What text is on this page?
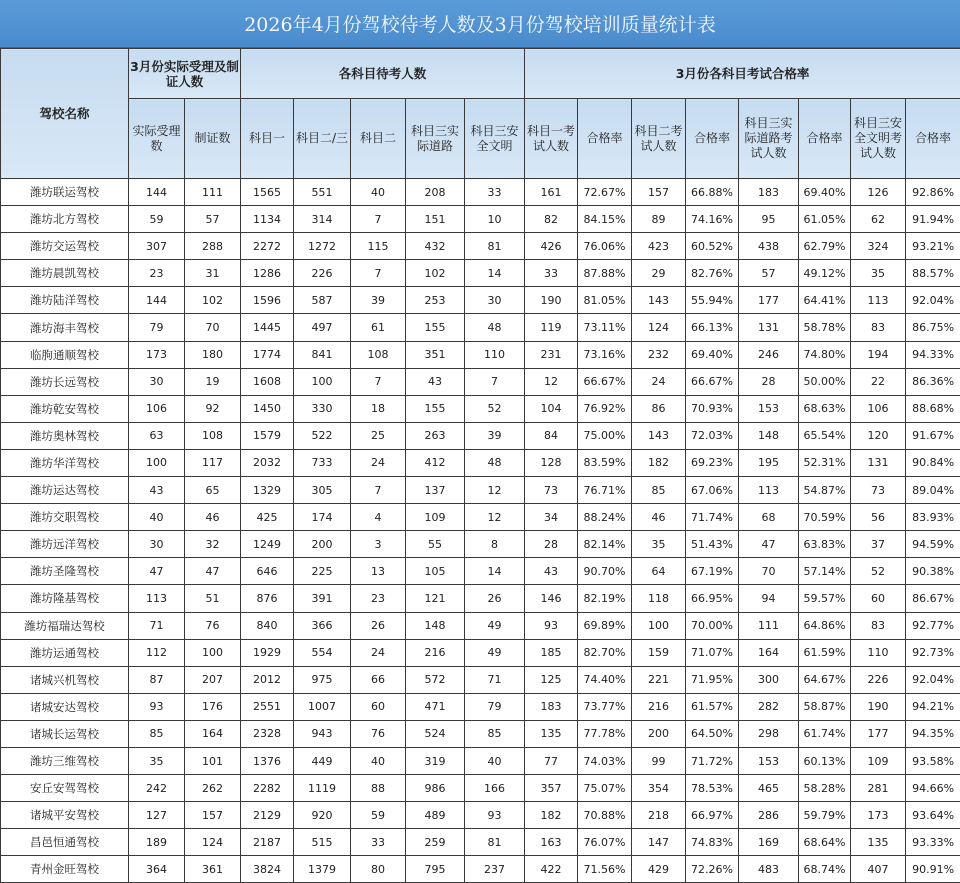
2026年4月份驾校待考人数及3月份驾校培训质量统计表
驾校名称	3月份实际受理及制证人数		各科目待考人数					3月份各科目考试合格率							
	实际受理数	制证数	科目一	科目二/三	科目二	科目三实际道路	科目三安全文明	科目一考试人数	合格率	科目二考试人数	合格率	科目三实际道路考试人数	合格率	科目三安全文明考试人数	合格率
潍坊联运驾校	144	111	1565	551	40	208	33	161	72.67%	157	66.88%	183	69.40%	126	92.86%
潍坊北方驾校	59	57	1134	314	7	151	10	82	84.15%	89	74.16%	95	61.05%	62	91.94%
潍坊交运驾校	307	288	2272	1272	115	432	81	426	76.06%	423	60.52%	438	62.79%	324	93.21%
潍坊晨凯驾校	23	31	1286	226	7	102	14	33	87.88%	29	82.76%	57	49.12%	35	88.57%
潍坊陆洋驾校	144	102	1596	587	39	253	30	190	81.05%	143	55.94%	177	64.41%	113	92.04%
潍坊海丰驾校	79	70	1445	497	61	155	48	119	73.11%	124	66.13%	131	58.78%	83	86.75%
临朐通顺驾校	173	180	1774	841	108	351	110	231	73.16%	232	69.40%	246	74.80%	194	94.33%
潍坊长远驾校	30	19	1608	100	7	43	7	12	66.67%	24	66.67%	28	50.00%	22	86.36%
潍坊乾安驾校	106	92	1450	330	18	155	52	104	76.92%	86	70.93%	153	68.63%	106	88.68%
潍坊奥林驾校	63	108	1579	522	25	263	39	84	75.00%	143	72.03%	148	65.54%	120	91.67%
潍坊华洋驾校	100	117	2032	733	24	412	48	128	83.59%	182	69.23%	195	52.31%	131	90.84%
潍坊运达驾校	43	65	1329	305	7	137	12	73	76.71%	85	67.06%	113	54.87%	73	89.04%
潍坊交职驾校	40	46	425	174	4	109	12	34	88.24%	46	71.74%	68	70.59%	56	83.93%
潍坊远洋驾校	30	32	1249	200	3	55	8	28	82.14%	35	51.43%	47	63.83%	37	94.59%
潍坊圣隆驾校	47	47	646	225	13	105	14	43	90.70%	64	67.19%	70	57.14%	52	90.38%
潍坊隆基驾校	113	51	876	391	23	121	26	146	82.19%	118	66.95%	94	59.57%	60	86.67%
潍坊福瑞达驾校	71	76	840	366	26	148	49	93	69.89%	100	70.00%	111	64.86%	83	92.77%
潍坊运通驾校	112	100	1929	554	24	216	49	185	82.70%	159	71.07%	164	61.59%	110	92.73%
诸城兴机驾校	87	207	2012	975	66	572	71	125	74.40%	221	71.95%	300	64.67%	226	92.04%
诸城安达驾校	93	176	2551	1007	60	471	79	183	73.77%	216	61.57%	282	58.87%	190	94.21%
诸城长运驾校	85	164	2328	943	76	524	85	135	77.78%	200	64.50%	298	61.74%	177	94.35%
潍坊三维驾校	35	101	1376	449	40	319	40	77	74.03%	99	71.72%	153	60.13%	109	93.58%
安丘安驾驾校	242	262	2282	1119	88	986	166	357	75.07%	354	78.53%	465	58.28%	281	94.66%
诸城平安驾校	127	157	2129	920	59	489	93	182	70.88%	218	66.97%	286	59.79%	173	93.64%
昌邑恒通驾校	189	124	2187	515	33	259	81	163	76.07%	147	74.83%	169	68.64%	135	93.33%
青州金旺驾校	364	361	3824	1379	80	795	237	422	71.56%	429	72.26%	483	68.74%	407	90.91%
